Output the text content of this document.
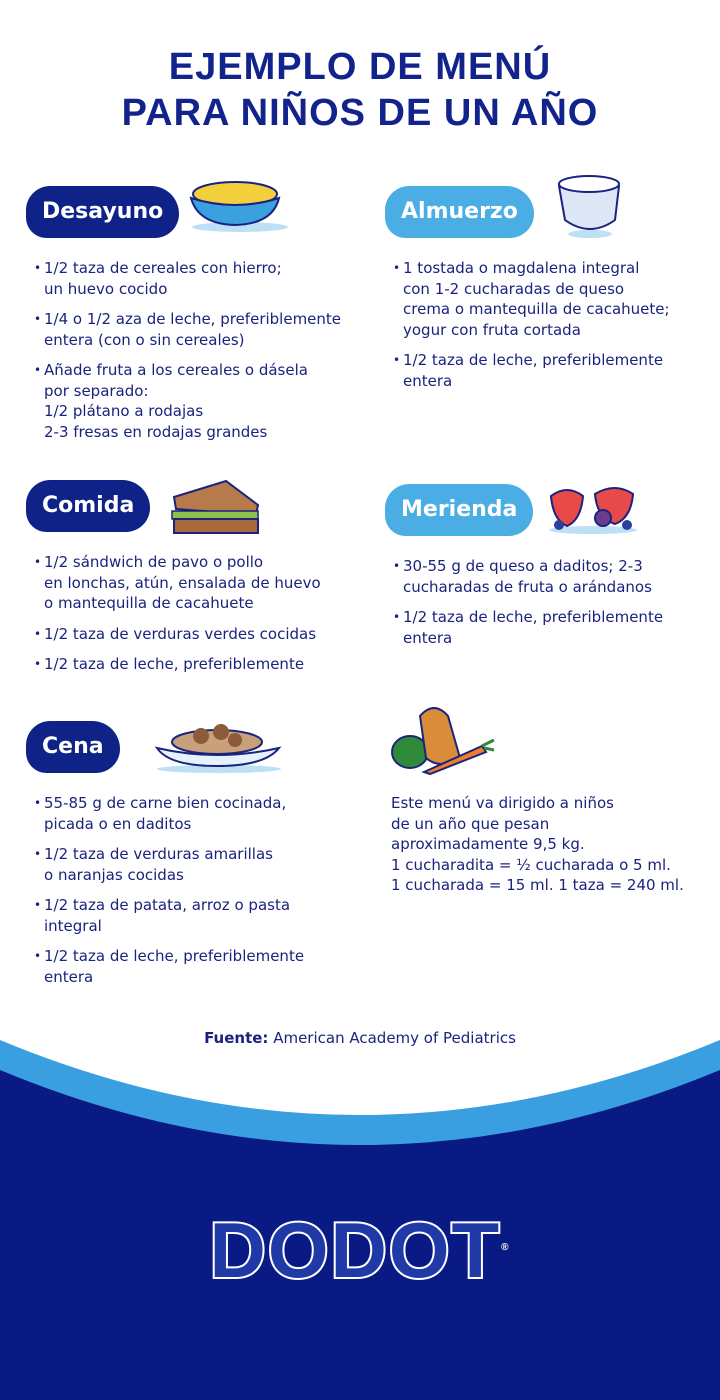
EJEMPLO DE MENÚ
PARA NIÑOS DE UN AÑO
Desayuno
• 1/2 taza de cereales con hierro;
un huevo cocido
• 1/4 o 1/2 aza de leche, preferiblemente
entera (con o sin cereales)
• Añade fruta a los cereales o dásela
por separado:
1/2 plátano a rodajas
2-3 fresas en rodajas grandes
Almuerzo
• 1 tostada o magdalena integral
con 1-2 cucharadas de queso
crema o mantequilla de cacahuete;
yogur con fruta cortada
• 1/2 taza de leche, preferiblemente
entera
Comida
• 1/2 sándwich de pavo o pollo
en lonchas, atún, ensalada de huevo
o mantequilla de cacahuete
• 1/2 taza de verduras verdes cocidas
• 1/2 taza de leche, preferiblemente
Merienda
• 30-55 g de queso a daditos; 2-3
cucharadas de fruta o arándanos
• 1/2 taza de leche, preferiblemente
entera
Cena
• 55-85 g de carne bien cocinada,
picada o en daditos
• 1/2 taza de verduras amarillas
o naranjas cocidas
• 1/2 taza de patata, arroz o pasta
integral
• 1/2 taza de leche, preferiblemente
entera
Este menú va dirigido a niños
de un año que pesan
aproximadamente 9,5 kg.
1 cucharadita = ½ cucharada o 5 ml.
1 cucharada = 15 ml. 1 taza = 240 ml.
Fuente: American Academy of Pediatrics
DODOT®
